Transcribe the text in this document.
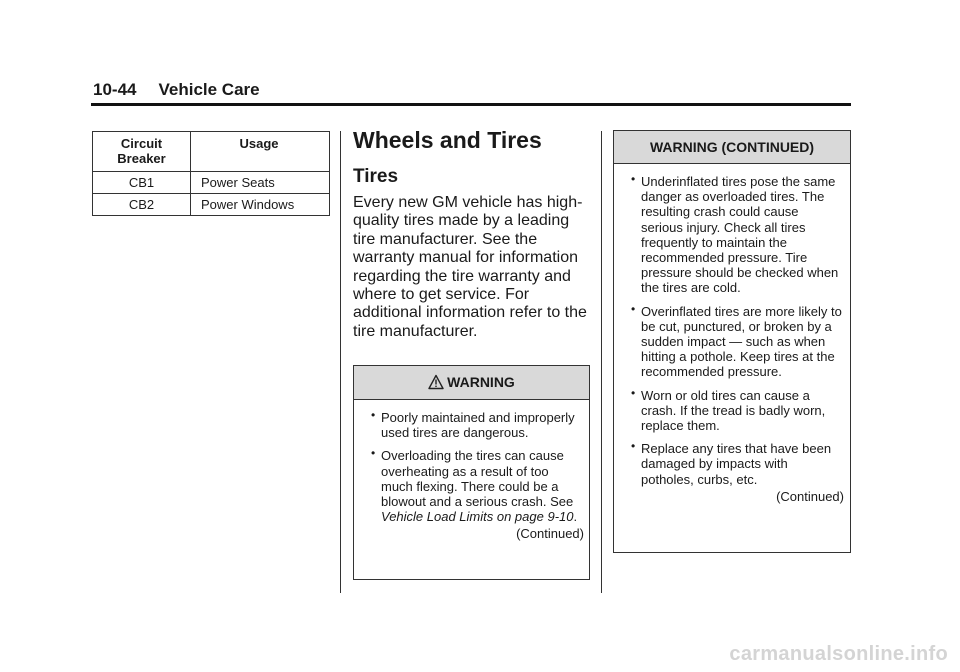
10-44 Vehicle Care
Circuit Breaker	Usage
CB1	Power Seats
CB2	Power Windows
Wheels and Tires
Tires
Every new GM vehicle has high-quality tires made by a leading tire manufacturer. See the warranty manual for information regarding the tire warranty and where to get service. For additional information refer to the tire manufacturer.
WARNING
• Poorly maintained and improperly used tires are dangerous.
• Overloading the tires can cause overheating as a result of too much flexing. There could be a blowout and a serious crash. See Vehicle Load Limits on page 9-10.
(Continued)
WARNING (CONTINUED)
• Underinflated tires pose the same danger as overloaded tires. The resulting crash could cause serious injury. Check all tires frequently to maintain the recommended pressure. Tire pressure should be checked when the tires are cold.
• Overinflated tires are more likely to be cut, punctured, or broken by a sudden impact — such as when hitting a pothole. Keep tires at the recommended pressure.
• Worn or old tires can cause a crash. If the tread is badly worn, replace them.
• Replace any tires that have been damaged by impacts with potholes, curbs, etc.
(Continued)
carmanualsonline.info
